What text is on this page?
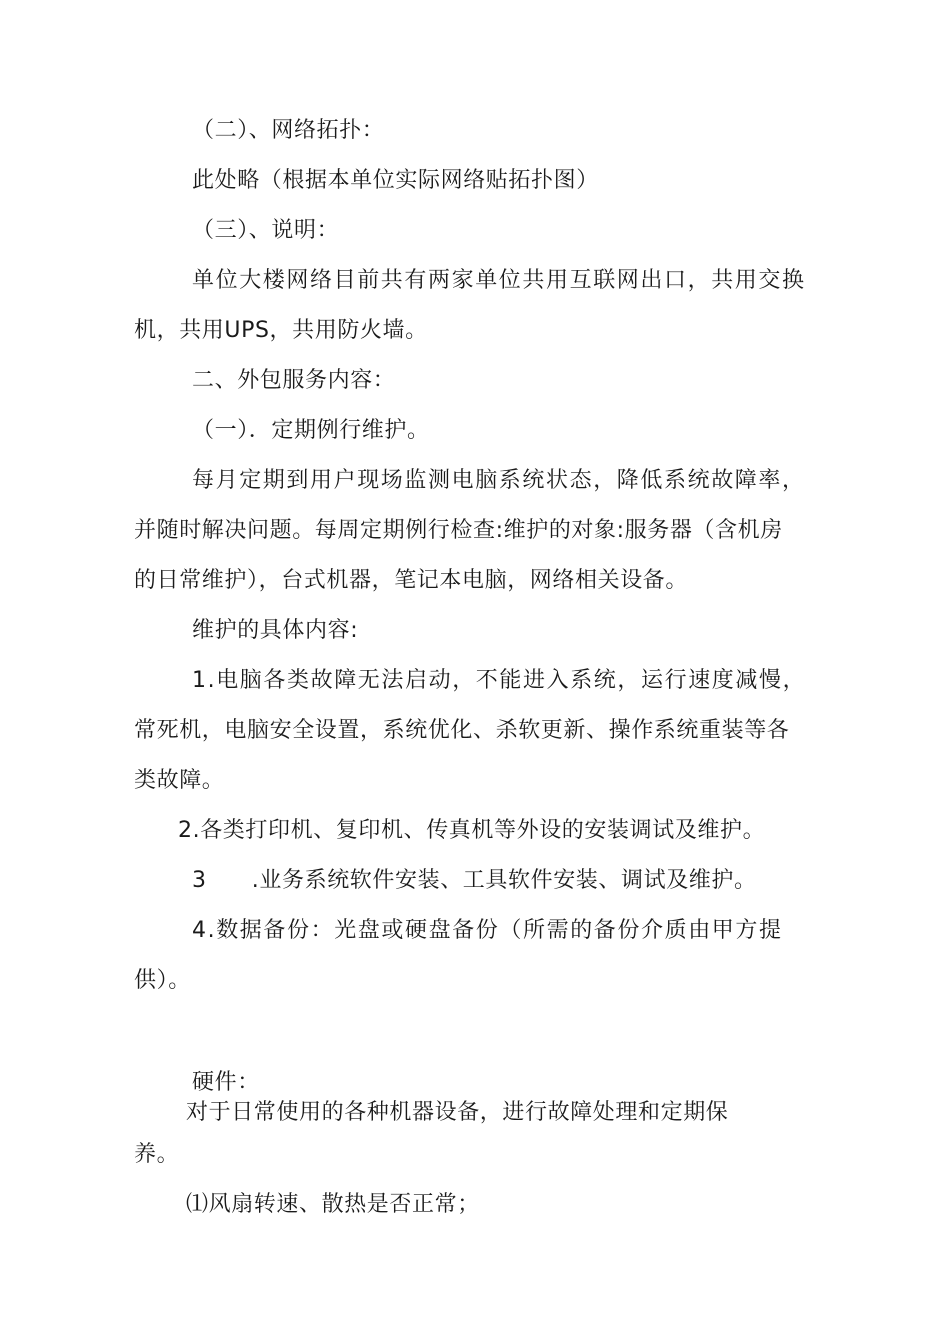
（二）、网络拓扑：
此处略（根据本单位实际网络贴拓扑图）
（三）、说明：
单位大楼网络目前共有两家单位共用互联网出口，共用交换
机，共用UPS，共用防火墙。
二、外包服务内容：
（一）．定期例行维护。
每月定期到用户现场监测电脑系统状态，降低系统故障率，
并随时解决问题。每周定期例行检查:维护的对象:服务器（含机房
的日常维护），台式机器，笔记本电脑，网络相关设备。
维护的具体内容:
1.电脑各类故障无法启动，不能进入系统，运行速度减慢，
常死机，电脑安全设置，系统优化、杀软更新、操作系统重装等各
类故障。
2.各类打印机、复印机、传真机等外设的安装调试及维护。
3　　.业务系统软件安装、工具软件安装、调试及维护。
4.数据备份：光盘或硬盘备份（所需的备份介质由甲方提
供）。
硬件：
对于日常使用的各种机器设备，进行故障处理和定期保
养。
⑴风扇转速、散热是否正常；
